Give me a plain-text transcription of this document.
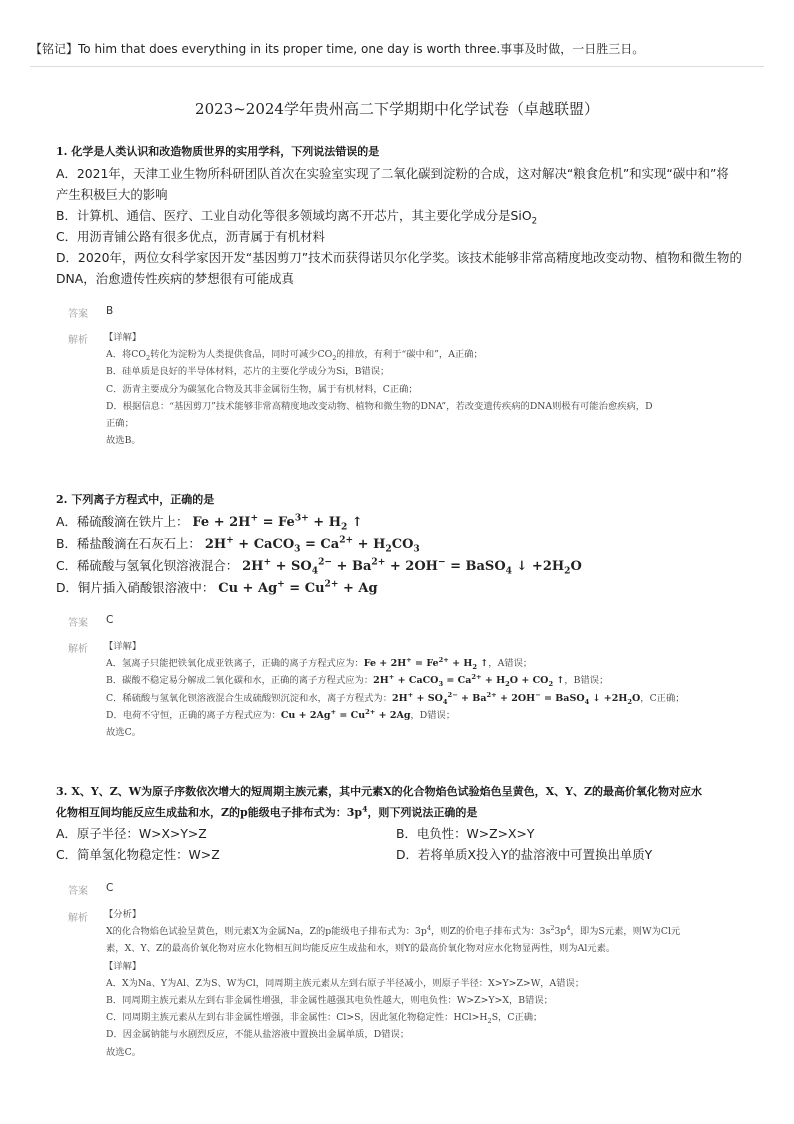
【铭记】To him that does everything in its proper time, one day is worth three.事事及时做，一日胜三日。
2023~2024学年贵州高二下学期期中化学试卷（卓越联盟）
1. 化学是人类认识和改造物质世界的实用学科，下列说法错误的是
A．2021年，天津工业生物所科研团队首次在实验室实现了二氧化碳到淀粉的合成，这对解决“粮食危机”和实现“碳中和”将
产生积极巨大的影响
B．计算机、通信、医疗、工业自动化等很多领域均离不开芯片，其主要化学成分是SiO$_2$
C．用沥青铺公路有很多优点，沥青属于有机材料
D．2020年，两位女科学家因开发“基因剪刀”技术而获得诺贝尔化学奖。该技术能够非常高精度地改变动物、植物和微生物的
DNA，治愈遗传性疾病的梦想很有可能成真
答案 B
解析 【详解】

A．将$CO_2$转化为淀粉为人类提供食品，同时可减少$CO_2$的排放，有利于“碳中和”，A正确；

B．硅单质是良好的半导体材料，芯片的主要化学成分为Si，B错误；

C．沥青主要成分为碳氢化合物及其非金属衍生物，属于有机材料，C正确；

D．根据信息：“基因剪刀”技术能够非常高精度地改变动物、植物和微生物的DNA”，若改变遗传疾病的DNA则极有可能治愈疾病，D

正确；

故选B。

2. 下列离子方程式中，正确的是
A．稀硫酸滴在铁片上： $Fe + 2H^+ = Fe^{3+} + H_2$ ↑
B．稀盐酸滴在石灰石上： 2H+ + CaCO$_3$ = $Ca^{2+} + H_2CO_3$
C．稀硫酸与氢氧化钡溶液混合： $2H^+ + SO_4^{2-} + Ba^{2+} + 2OH^-$ = BaSO$_4$ ↓ $+2H_2O$
D．铜片插入硝酸银溶液中： $Cu + Ag^+ = Cu^{2+} + Ag$
答案 C
解析 【详解】

A．氢离子只能把铁氧化成亚铁离子，正确的离子方程式应为：$Fe + 2H^+ = Fe^{2+} + H_2$ ↑，A错误；

B．碳酸不稳定易分解成二氧化碳和水，正确的离子方程式应为：2H+ + CaCO$_3$ = $Ca^{2+} + H_2O + CO_2$ ↑，B错误；

C．稀硫酸与氢氧化钡溶液混合生成硫酸钡沉淀和水，离子方程式为：$2H^+ + SO_4^{2-} + Ba^{2+} + 2OH^-$ = BaSO$_4$ ↓ $+2H_2O$，C正确；

D．电荷不守恒，正确的离子方程式应为：$Cu + 2Ag^+ = Cu^{2+} + 2Ag$，D错误；

故选C。

3. X、Y、Z、W为原子序数依次增大的短周期主族元素，其中元素X的化合物焰色试验焰色呈黄色，X、Y、Z的最高价氧化物对应水
化物相互间均能反应生成盐和水，Z的p能级电子排布式为：$3p^4$，则下列说法正确的是
A．原子半径：W>X>Y>Z	B．电负性：W>Z>X>Y
C．简单氢化物稳定性：W>Z	D．若将单质X投入Y的盐溶液中可置换出单质Y
答案 C
解析 【分析】

X的化合物焰色试验呈黄色，则元素X为金属Na，Z的p能级电子排布式为：$3p^4$，则Z的价电子排布式为：$3s^23p^4$，即为S元素，则W为Cl元

素，X、Y、Z的最高价氧化物对应水化物相互间均能反应生成盐和水，则Y的最高价氧化物对应水化物显两性，则为Al元素。

【详解】

A．X为Na、Y为Al、Z为S、W为Cl，同周期主族元素从左到右原子半径减小，则原子半径：X>Y>Z>W，A错误；

B．同周期主族元素从左到右非金属性增强，非金属性越强其电负性越大，则电负性：W>Z>Y>X，B错误；

C．同周期主族元素从左到右非金属性增强，非金属性：Cl>S，因此氢化物稳定性：$HCl>H_2S$，C正确；

D．因金属钠能与水剧烈反应，不能从盐溶液中置换出金属单质，D错误；

故选C。
